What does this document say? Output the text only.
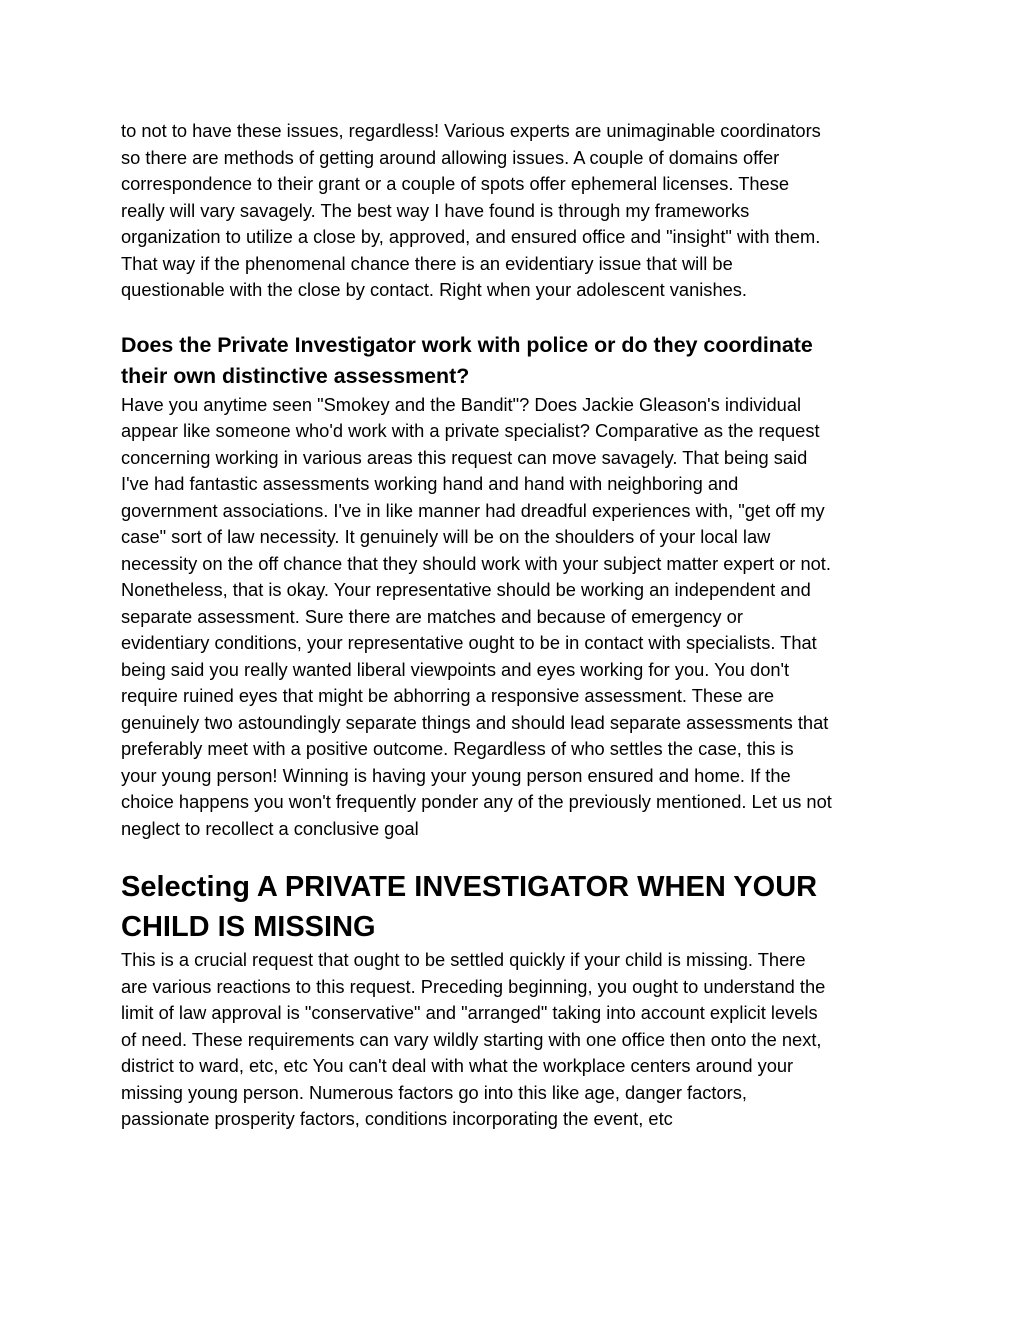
to not to have these issues, regardless! Various experts are unimaginable coordinators
so there are methods of getting around allowing issues. A couple of domains offer
correspondence to their grant or a couple of spots offer ephemeral licenses. These
really will vary savagely. The best way I have found is through my frameworks
organization to utilize a close by, approved, and ensured office and "insight" with them.
That way if the phenomenal chance there is an evidentiary issue that will be
questionable with the close by contact. Right when your adolescent vanishes.

Does the Private Investigator work with police or do they coordinate
their own distinctive assessment?

Have you anytime seen "Smokey and the Bandit"? Does Jackie Gleason's individual
appear like someone who'd work with a private specialist? Comparative as the request
concerning working in various areas this request can move savagely. That being said
I've had fantastic assessments working hand and hand with neighboring and
government associations. I've in like manner had dreadful experiences with, "get off my
case" sort of law necessity. It genuinely will be on the shoulders of your local law
necessity on the off chance that they should work with your subject matter expert or not.
Nonetheless, that is okay. Your representative should be working an independent and
separate assessment. Sure there are matches and because of emergency or
evidentiary conditions, your representative ought to be in contact with specialists. That
being said you really wanted liberal viewpoints and eyes working for you. You don't
require ruined eyes that might be abhorring a responsive assessment. These are
genuinely two astoundingly separate things and should lead separate assessments that
preferably meet with a positive outcome. Regardless of who settles the case, this is
your young person! Winning is having your young person ensured and home. If the
choice happens you won't frequently ponder any of the previously mentioned. Let us not
neglect to recollect a conclusive goal

Selecting A PRIVATE INVESTIGATOR WHEN YOUR
CHILD IS MISSING

This is a crucial request that ought to be settled quickly if your child is missing. There
are various reactions to this request. Preceding beginning, you ought to understand the
limit of law approval is "conservative" and "arranged" taking into account explicit levels
of need. These requirements can vary wildly starting with one office then onto the next,
district to ward, etc, etc You can't deal with what the workplace centers around your
missing young person. Numerous factors go into this like age, danger factors,
passionate prosperity factors, conditions incorporating the event, etc
